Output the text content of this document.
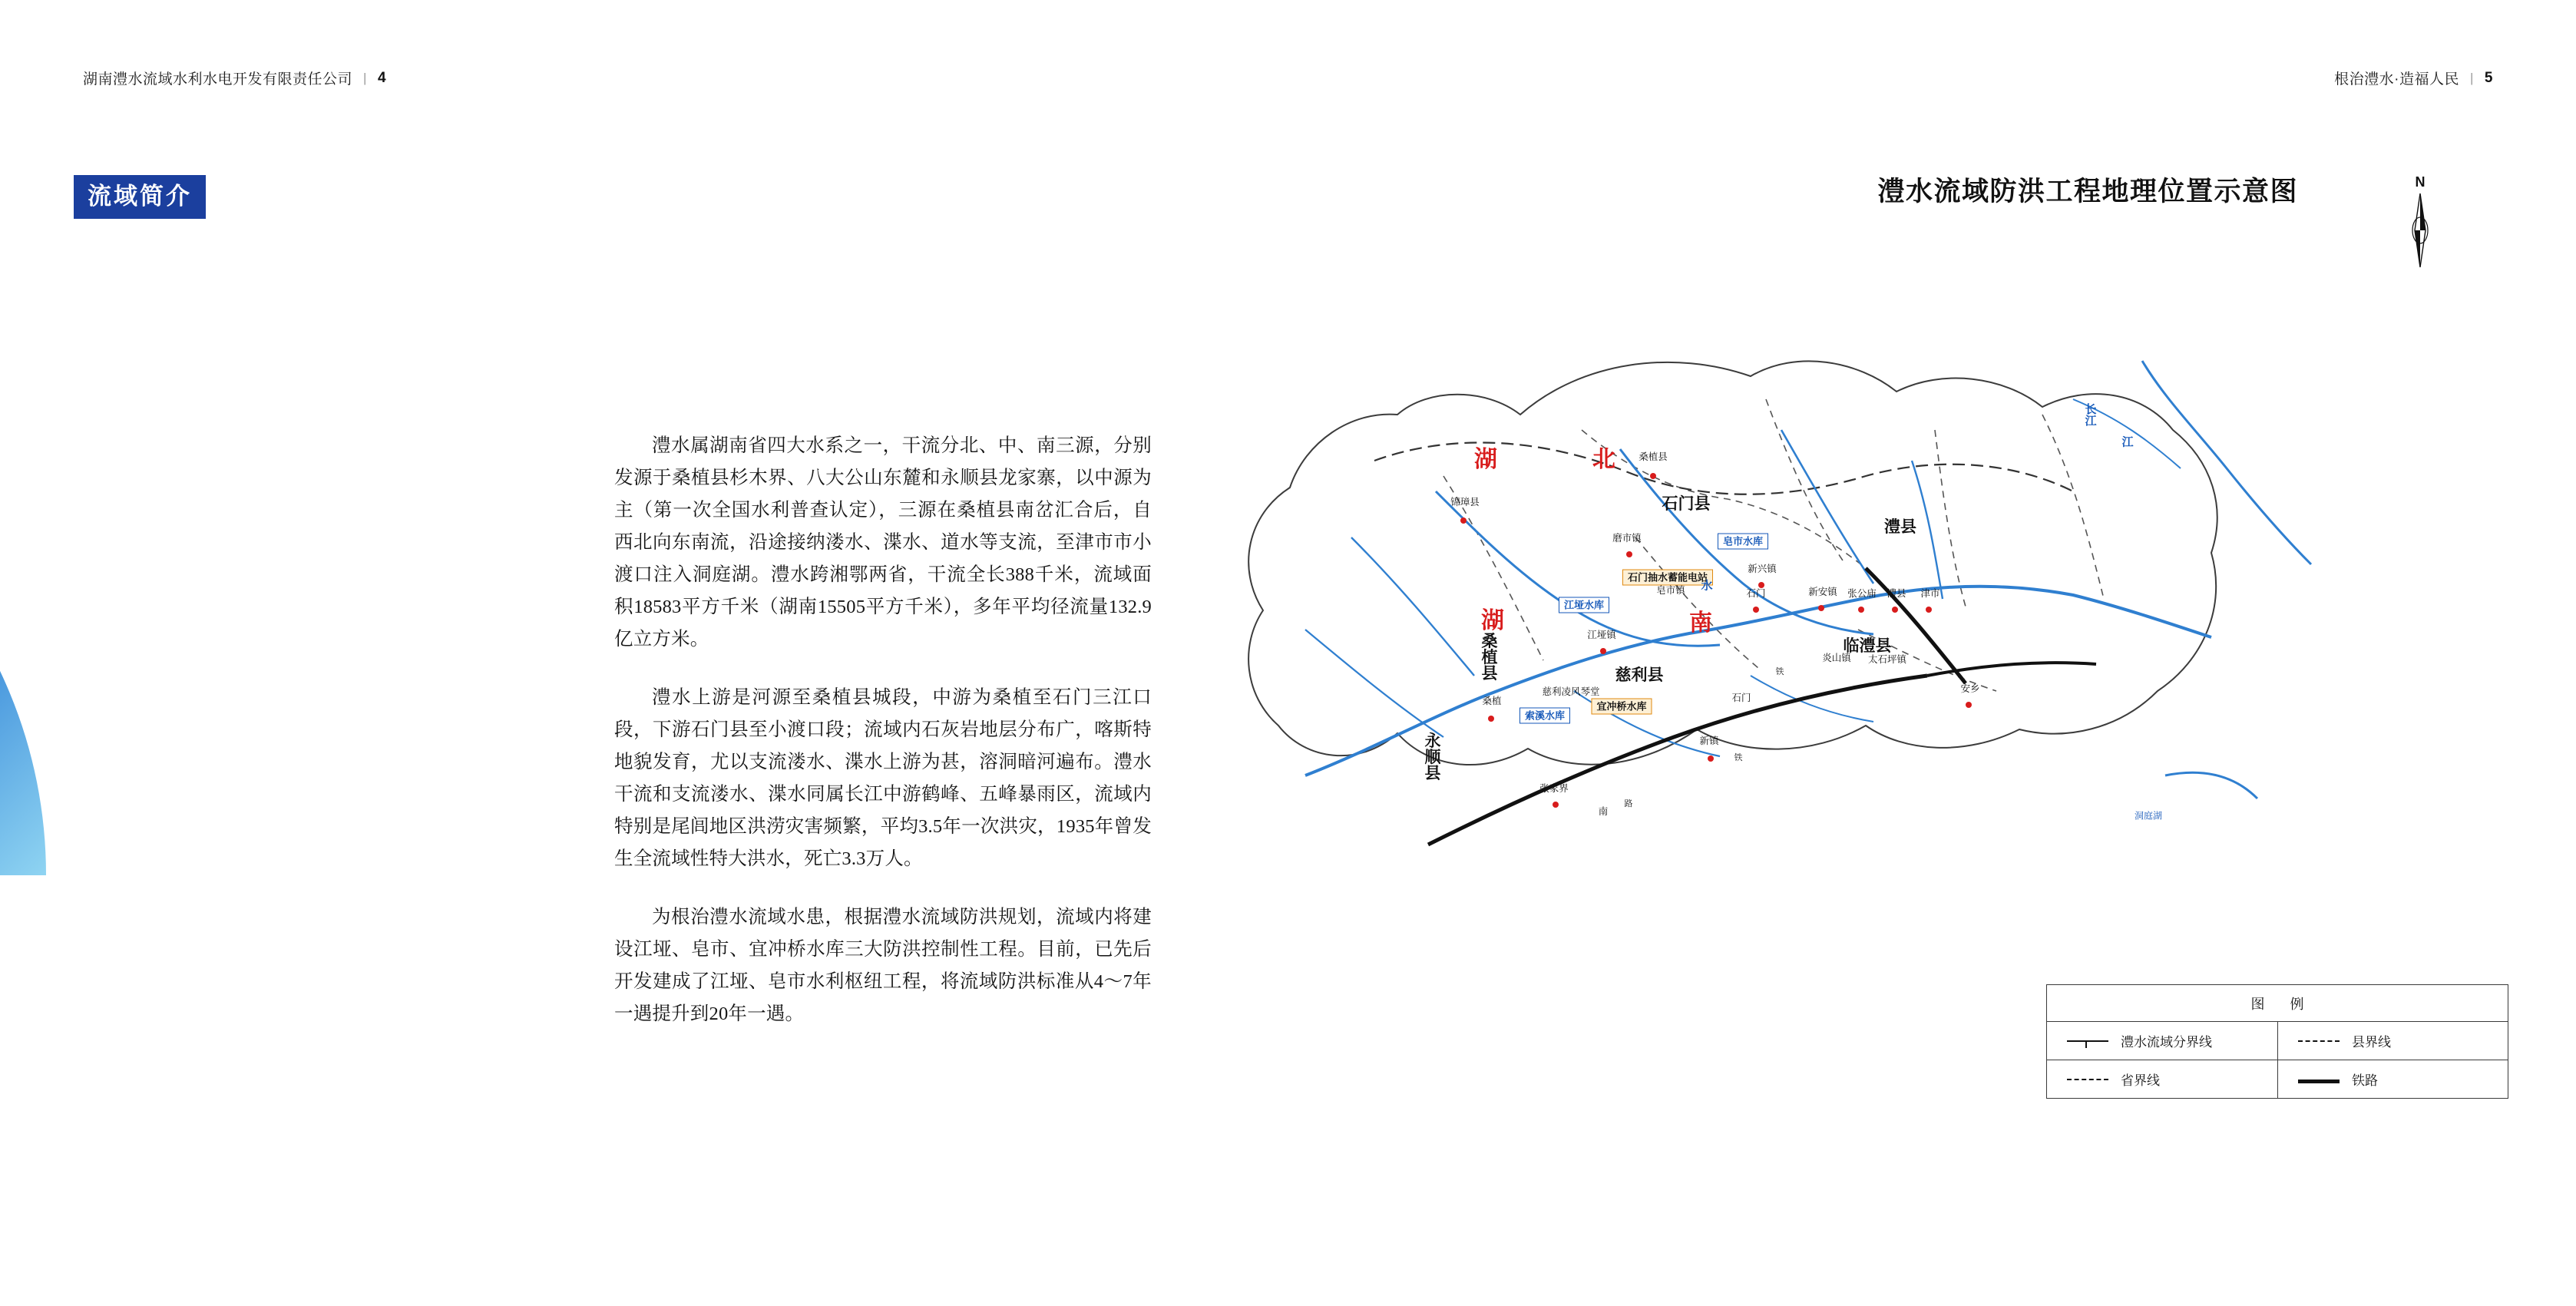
湖南澧水流域水利水电开发有限责任公司 | 4
流域简介

澧水属湖南省四大水系之一，干流分北、中、南三源，分别发源于桑植县杉木界、八大公山东麓和永顺县龙家寨，以中源为主（第一次全国水利普查认定），三源在桑植县南岔汇合后，自西北向东南流，沿途接纳溇水、渫水、道水等支流，至津市市小渡口注入洞庭湖。澧水跨湘鄂两省，干流全长388千米，流域面积18583平方千米（湖南15505平方千米），多年平均径流量132.9亿立方米。

澧水上游是河源至桑植县城段，中游为桑植至石门三江口段，下游石门县至小渡口段；流域内石灰岩地层分布广，喀斯特地貌发育，尤以支流溇水、渫水上游为甚，溶洞暗河遍布。澧水干流和支流溇水、渫水同属长江中游鹤峰、五峰暴雨区，流域内特别是尾闾地区洪涝灾害频繁，平均3.5年一次洪灾，1935年曾发生全流域性特大洪水，死亡3.3万人。

为根治澧水流域水患，根据澧水流域防洪规划，流域内将建设江垭、皂市、宜冲桥水库三大防洪控制性工程。目前，已先后开发建成了江垭、皂市水利枢纽工程，将流域防洪标准从4～7年一遇提升到20年一遇。

根治澧水·造福人民 | 5
澧水流域防洪工程地理位置示意图	N
湖	北
湖	南
石门县
澧县
临澧县
慈利县
桑植县
永顺县
皂市水库
石门抽水蓄能电站
江垭水库
宜冲桥水库
索溪水库
桑植县
锦璋县
磨市镇
新兴镇
皂市镇	石门	新安镇 张公庙 澧县 津市
江垭镇
炎山镇 太石坪镇
桑植
慈利凌风琴堂	安乡
石门
新镇
张家界
南
长江
江
水
洞庭湖
铁
铁
路
图 例
澧水流域分界线	县界线
省界线	铁路
